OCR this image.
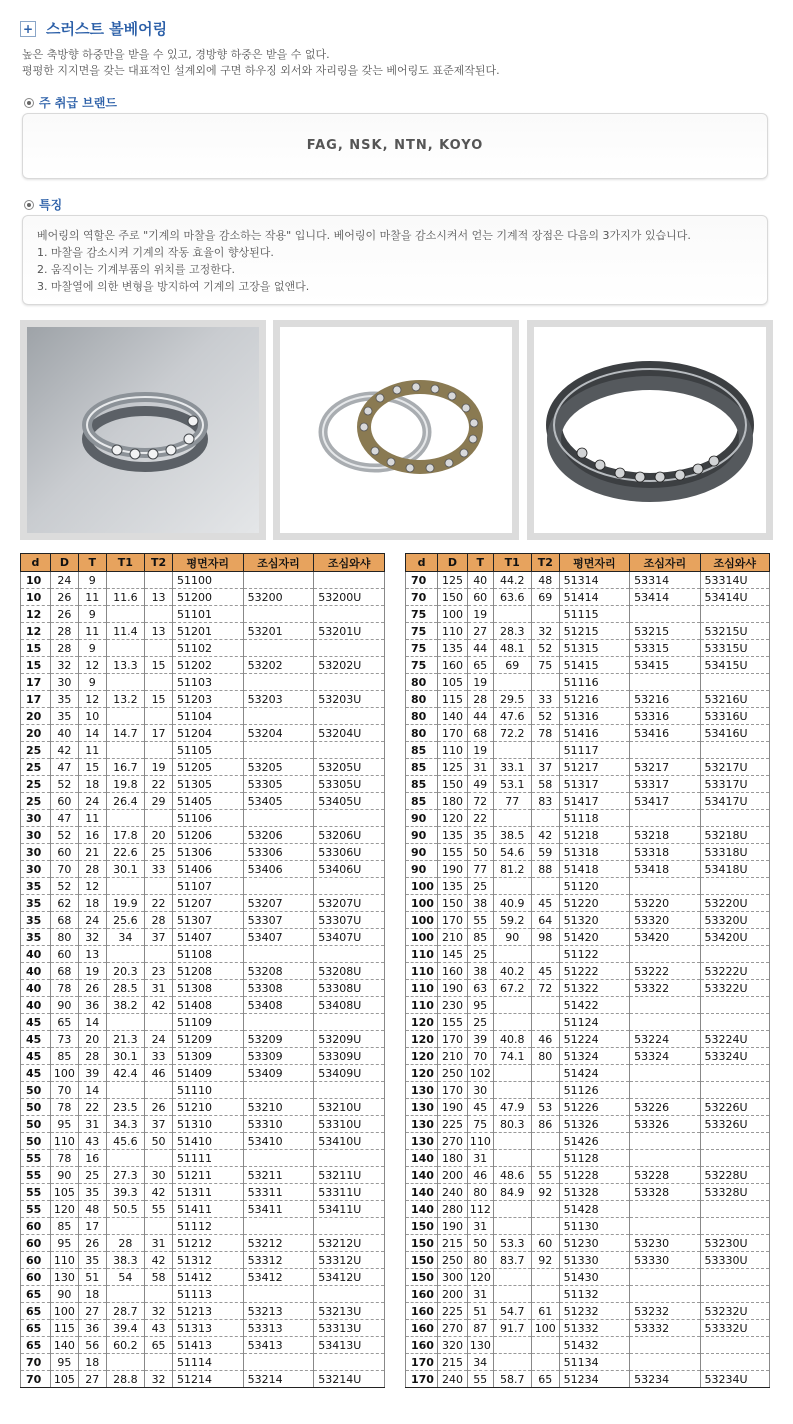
+ 스러스트 볼베어링
높은 축방향 하중만을 받을 수 있고, 경방향 하중은 받을 수 없다.
평평한 지지면을 갖는 대표적인 설계외에 구면 하우징 외서와 자리링을 갖는 베어링도 표준제작된다.
주 취급 브랜드
FAG, NSK, NTN, KOYO
특징
베어링의 역할은 주로 "기계의 마찰을 감소하는 작용" 입니다. 베어링이 마찰을 감소시켜서 얻는 기계적 장점은 다음의 3가지가 있습니다.
1. 마찰을 감소시켜 기계의 작동 효율이 향상된다.
2. 움직이는 기계부품의 위치를 고정한다.
3. 마찰열에 의한 변형을 방지하여 기계의 고장을 없앤다.
d	D	T	T1	T2	평면자리	조심자리	조심와샤
10	24	9			51100		
10	26	11	11.6	13	51200	53200	53200U
12	26	9			51101		
12	28	11	11.4	13	51201	53201	53201U
15	28	9			51102		
15	32	12	13.3	15	51202	53202	53202U
17	30	9			51103		
17	35	12	13.2	15	51203	53203	53203U
20	35	10			51104		
20	40	14	14.7	17	51204	53204	53204U
25	42	11			51105		
25	47	15	16.7	19	51205	53205	53205U
25	52	18	19.8	22	51305	53305	53305U
25	60	24	26.4	29	51405	53405	53405U
30	47	11			51106		
30	52	16	17.8	20	51206	53206	53206U
30	60	21	22.6	25	51306	53306	53306U
30	70	28	30.1	33	51406	53406	53406U
35	52	12			51107		
35	62	18	19.9	22	51207	53207	53207U
35	68	24	25.6	28	51307	53307	53307U
35	80	32	34	37	51407	53407	53407U
40	60	13			51108		
40	68	19	20.3	23	51208	53208	53208U
40	78	26	28.5	31	51308	53308	53308U
40	90	36	38.2	42	51408	53408	53408U
45	65	14			51109		
45	73	20	21.3	24	51209	53209	53209U
45	85	28	30.1	33	51309	53309	53309U
45	100	39	42.4	46	51409	53409	53409U
50	70	14			51110		
50	78	22	23.5	26	51210	53210	53210U
50	95	31	34.3	37	51310	53310	53310U
50	110	43	45.6	50	51410	53410	53410U
55	78	16			51111		
55	90	25	27.3	30	51211	53211	53211U
55	105	35	39.3	42	51311	53311	53311U
55	120	48	50.5	55	51411	53411	53411U
60	85	17			51112		
60	95	26	28	31	51212	53212	53212U
60	110	35	38.3	42	51312	53312	53312U
60	130	51	54	58	51412	53412	53412U
65	90	18			51113		
65	100	27	28.7	32	51213	53213	53213U
65	115	36	39.4	43	51313	53313	53313U
65	140	56	60.2	65	51413	53413	53413U
70	95	18			51114		
70	105	27	28.8	32	51214	53214	53214U
d	D	T	T1	T2	평면자리	조심자리	조심와샤
70	125	40	44.2	48	51314	53314	53314U
70	150	60	63.6	69	51414	53414	53414U
75	100	19			51115		
75	110	27	28.3	32	51215	53215	53215U
75	135	44	48.1	52	51315	53315	53315U
75	160	65	69	75	51415	53415	53415U
80	105	19			51116		
80	115	28	29.5	33	51216	53216	53216U
80	140	44	47.6	52	51316	53316	53316U
80	170	68	72.2	78	51416	53416	53416U
85	110	19			51117		
85	125	31	33.1	37	51217	53217	53217U
85	150	49	53.1	58	51317	53317	53317U
85	180	72	77	83	51417	53417	53417U
90	120	22			51118		
90	135	35	38.5	42	51218	53218	53218U
90	155	50	54.6	59	51318	53318	53318U
90	190	77	81.2	88	51418	53418	53418U
100	135	25			51120		
100	150	38	40.9	45	51220	53220	53220U
100	170	55	59.2	64	51320	53320	53320U
100	210	85	90	98	51420	53420	53420U
110	145	25			51122		
110	160	38	40.2	45	51222	53222	53222U
110	190	63	67.2	72	51322	53322	53322U
110	230	95			51422		
120	155	25			51124		
120	170	39	40.8	46	51224	53224	53224U
120	210	70	74.1	80	51324	53324	53324U
120	250	102			51424		
130	170	30			51126		
130	190	45	47.9	53	51226	53226	53226U
130	225	75	80.3	86	51326	53326	53326U
130	270	110			51426		
140	180	31			51128		
140	200	46	48.6	55	51228	53228	53228U
140	240	80	84.9	92	51328	53328	53328U
140	280	112			51428		
150	190	31			51130		
150	215	50	53.3	60	51230	53230	53230U
150	250	80	83.7	92	51330	53330	53330U
150	300	120			51430		
160	200	31			51132		
160	225	51	54.7	61	51232	53232	53232U
160	270	87	91.7	100	51332	53332	53332U
160	320	130			51432		
170	215	34			51134		
170	240	55	58.7	65	51234	53234	53234U
